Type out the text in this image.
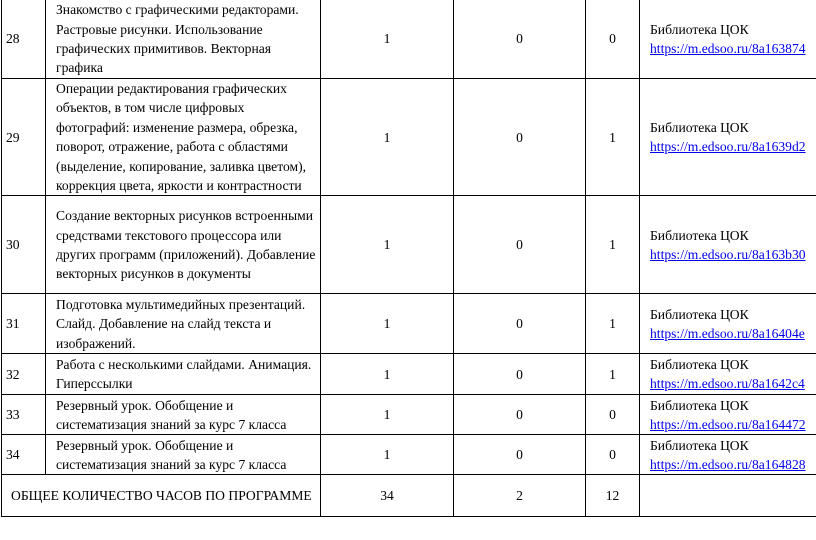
28	Знакомство с графическими редакторами. Растровые рисунки. Использование графических примитивов. Векторная графика	1	0	0	Библиотека ЦОК
https://m.edsoo.ru/8a163874

29	Операции редактирования графических объектов, в том числе цифровых фотографий: изменение размера, обрезка, поворот, отражение, работа с областями (выделение, копирование, заливка цветом), коррекция цвета, яркости и контрастности	1	0	1	Библиотека ЦОК
https://m.edsoo.ru/8a1639d2

30	Создание векторных рисунков встроенными средствами текстового процессора или других программ (приложений). Добавление векторных рисунков в документы	1	0	1	Библиотека ЦОК
https://m.edsoo.ru/8a163b30

31	Подготовка мультимедийных презентаций. Слайд. Добавление на слайд текста и изображений.	1	0	1	Библиотека ЦОК
https://m.edsoo.ru/8a16404e

32	Работа с несколькими слайдами. Анимация. Гиперссылки	1	0	1	Библиотека ЦОК
https://m.edsoo.ru/8a1642c4

33	Резервный урок. Обобщение и систематизация знаний за курс 7 класса	1	0	0	Библиотека ЦОК
https://m.edsoo.ru/8a164472

34	Резервный урок. Обобщение и систематизация знаний за курс 7 класса	1	0	0	Библиотека ЦОК
https://m.edsoo.ru/8a164828

ОБЩЕЕ КОЛИЧЕСТВО ЧАСОВ ПО ПРОГРАММЕ		34	2	12	
